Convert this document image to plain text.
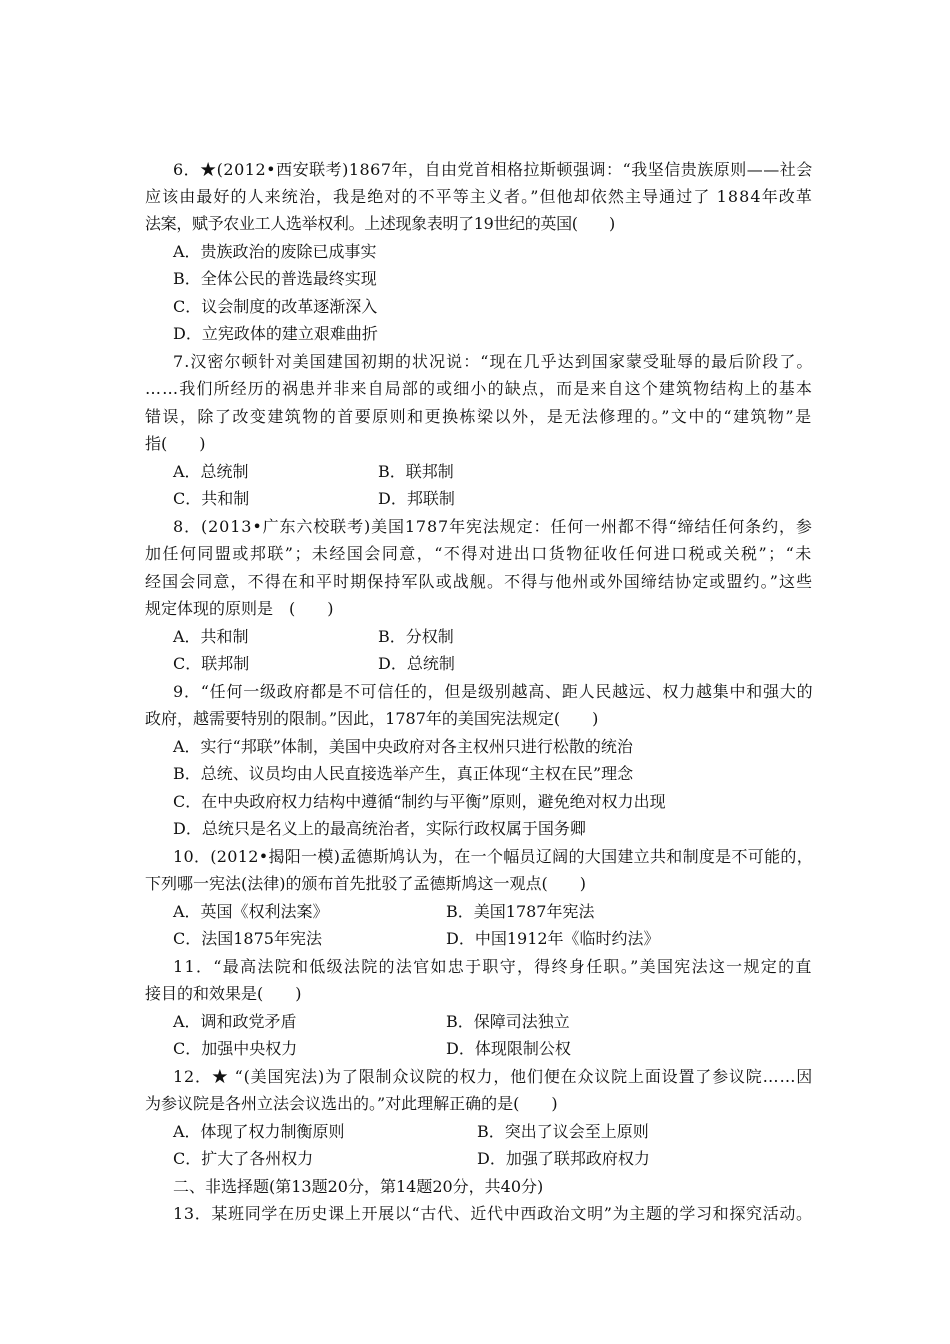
6．★(2012•西安联考)1867年，自由党首相格拉斯顿强调：“我坚信贵族原则——社会
应该由最好的人来统治，我是绝对的不平等主义者。”但他却依然主导通过了 1884年改革
法案，赋予农业工人选举权利。上述现象表明了19世纪的英国(　　)
A．贵族政治的废除已成事实
B．全体公民的普选最终实现
C．议会制度的改革逐渐深入
D．立宪政体的建立艰难曲折
7.汉密尔顿针对美国建国初期的状况说：“现在几乎达到国家蒙受耻辱的最后阶段了。
……我们所经历的祸患并非来自局部的或细小的缺点，而是来自这个建筑物结构上的基本
错误，除了改变建筑物的首要原则和更换栋梁以外，是无法修理的。”文中的“建筑物”是
指(　　)
A．总统制	B．联邦制
C．共和制	D．邦联制
8．(2013•广东六校联考)美国1787年宪法规定：任何一州都不得“缔结任何条约，参
加任何同盟或邦联”；未经国会同意，“不得对进出口货物征收任何进口税或关税”；“未
经国会同意，不得在和平时期保持军队或战舰。不得与他州或外国缔结协定或盟约。”这些
规定体现的原则是　(　　)
A．共和制	B．分权制
C．联邦制	D．总统制
9．“任何一级政府都是不可信任的，但是级别越高、距人民越远、权力越集中和强大的
政府，越需要特别的限制。”因此，1787年的美国宪法规定(　　)
A．实行“邦联”体制，美国中央政府对各主权州只进行松散的统治
B．总统、议员均由人民直接选举产生，真正体现“主权在民”理念
C．在中央政府权力结构中遵循“制约与平衡”原则，避免绝对权力出现
D．总统只是名义上的最高统治者，实际行政权属于国务卿
10．(2012•揭阳一模)孟德斯鸠认为，在一个幅员辽阔的大国建立共和制度是不可能的，
下列哪一宪法(法律)的颁布首先批驳了孟德斯鸠这一观点(　　)
A．英国《权利法案》	B．美国1787年宪法
C．法国1875年宪法	D．中国1912年《临时约法》
11．“最高法院和低级法院的法官如忠于职守，得终身任职。”美国宪法这一规定的直
接目的和效果是(　　)
A．调和政党矛盾	B．保障司法独立
C．加强中央权力	D．体现限制公权
12．★ “(美国宪法)为了限制众议院的权力，他们便在众议院上面设置了参议院……因
为参议院是各州立法会议选出的。”对此理解正确的是(　　)
A．体现了权力制衡原则	B．突出了议会至上原则
C．扩大了各州权力	D．加强了联邦政府权力
二、非选择题(第13题20分，第14题20分，共40分)
13．某班同学在历史课上开展以“古代、近代中西政治文明”为主题的学习和探究活动。
